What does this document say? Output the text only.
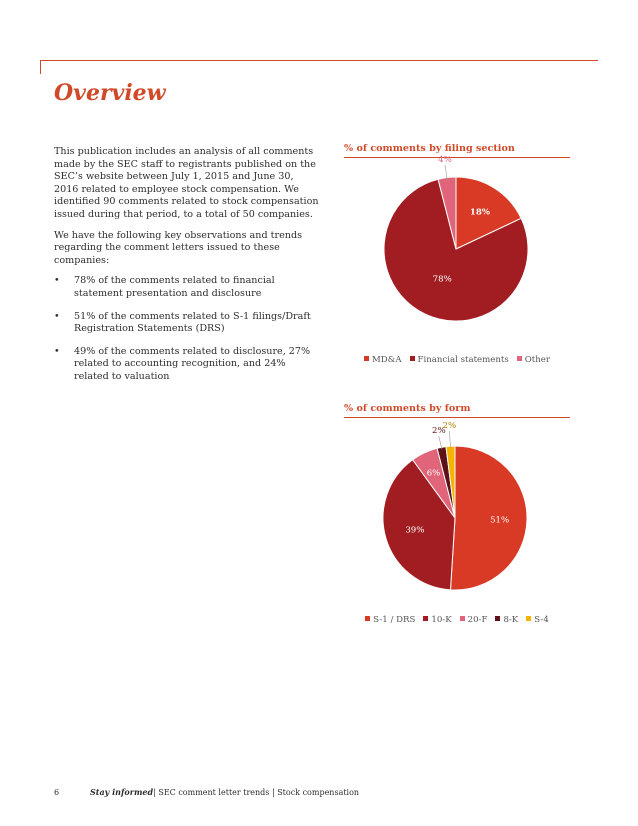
Overview

This publication includes an analysis of all comments made by the SEC staff to registrants published on the SEC’s website between July 1, 2015 and June 30, 2016 related to employee stock compensation. We identified 90 comments related to stock compensation issued during that period, to a total of 50 companies.

We have the following key observations and trends regarding the comment letters issued to these companies:

• 78% of the comments related to financial statement presentation and disclosure
• 51% of the comments related to S-1 filings/Draft Registration Statements (DRS)
• 49% of the comments related to disclosure, 27% related to accounting recognition, and 24% related to valuation
% of comments by filing section
18%
78%
4%
MD&A Financial statements Other
% of comments by form
51%
39%
6%
2%
2%
S-1 / DRS 10-K 20-F 8-K S-4
6	Stay informed| SEC comment letter trends | Stock compensation
